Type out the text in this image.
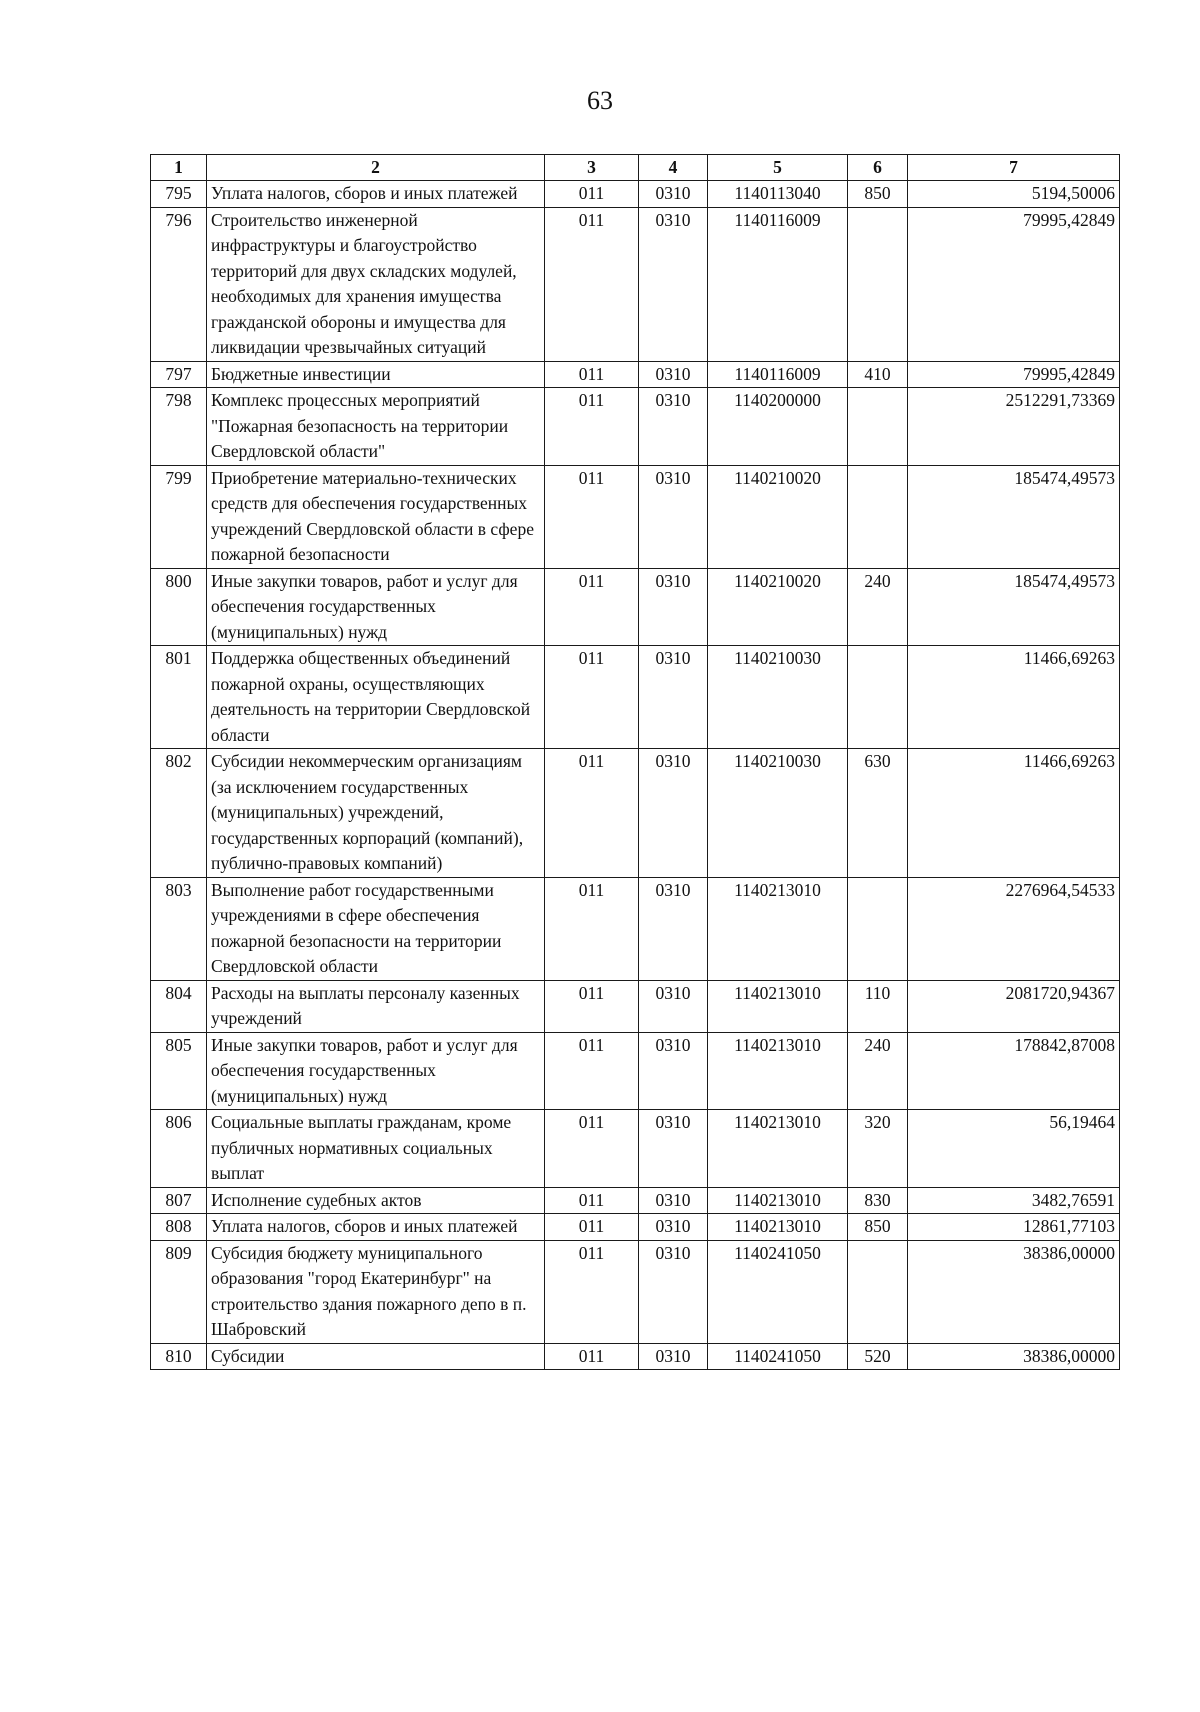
63
1	2	3	4	5	6	7
795	Уплата налогов, сборов и иных платежей	011	0310	1140113040	850	5194,50006
796	Строительство инженерной инфраструктуры и благоустройство территорий для двух складских модулей, необходимых для хранения имущества гражданской обороны и имущества для ликвидации чрезвычайных ситуаций	011	0310	1140116009		79995,42849
797	Бюджетные инвестиции	011	0310	1140116009	410	79995,42849
798	Комплекс процессных мероприятий "Пожарная безопасность на территории Свердловской области"	011	0310	1140200000		2512291,73369
799	Приобретение материально-технических средств для обеспечения государственных учреждений Свердловской области в сфере пожарной безопасности	011	0310	1140210020		185474,49573
800	Иные закупки товаров, работ и услуг для обеспечения государственных (муниципальных) нужд	011	0310	1140210020	240	185474,49573
801	Поддержка общественных объединений пожарной охраны, осуществляющих деятельность на территории Свердловской области	011	0310	1140210030		11466,69263
802	Субсидии некоммерческим организациям (за исключением государственных (муниципальных) учреждений, государственных корпораций (компаний), публично-правовых компаний)	011	0310	1140210030	630	11466,69263
803	Выполнение работ государственными учреждениями в сфере обеспечения пожарной безопасности на территории Свердловской области	011	0310	1140213010		2276964,54533
804	Расходы на выплаты персоналу казенных учреждений	011	0310	1140213010	110	2081720,94367
805	Иные закупки товаров, работ и услуг для обеспечения государственных (муниципальных) нужд	011	0310	1140213010	240	178842,87008
806	Социальные выплаты гражданам, кроме публичных нормативных социальных выплат	011	0310	1140213010	320	56,19464
807	Исполнение судебных актов	011	0310	1140213010	830	3482,76591
808	Уплата налогов, сборов и иных платежей	011	0310	1140213010	850	12861,77103
809	Субсидия бюджету муниципального образования "город Екатеринбург" на строительство здания пожарного депо в п. Шабровский	011	0310	1140241050		38386,00000
810	Субсидии	011	0310	1140241050	520	38386,00000
